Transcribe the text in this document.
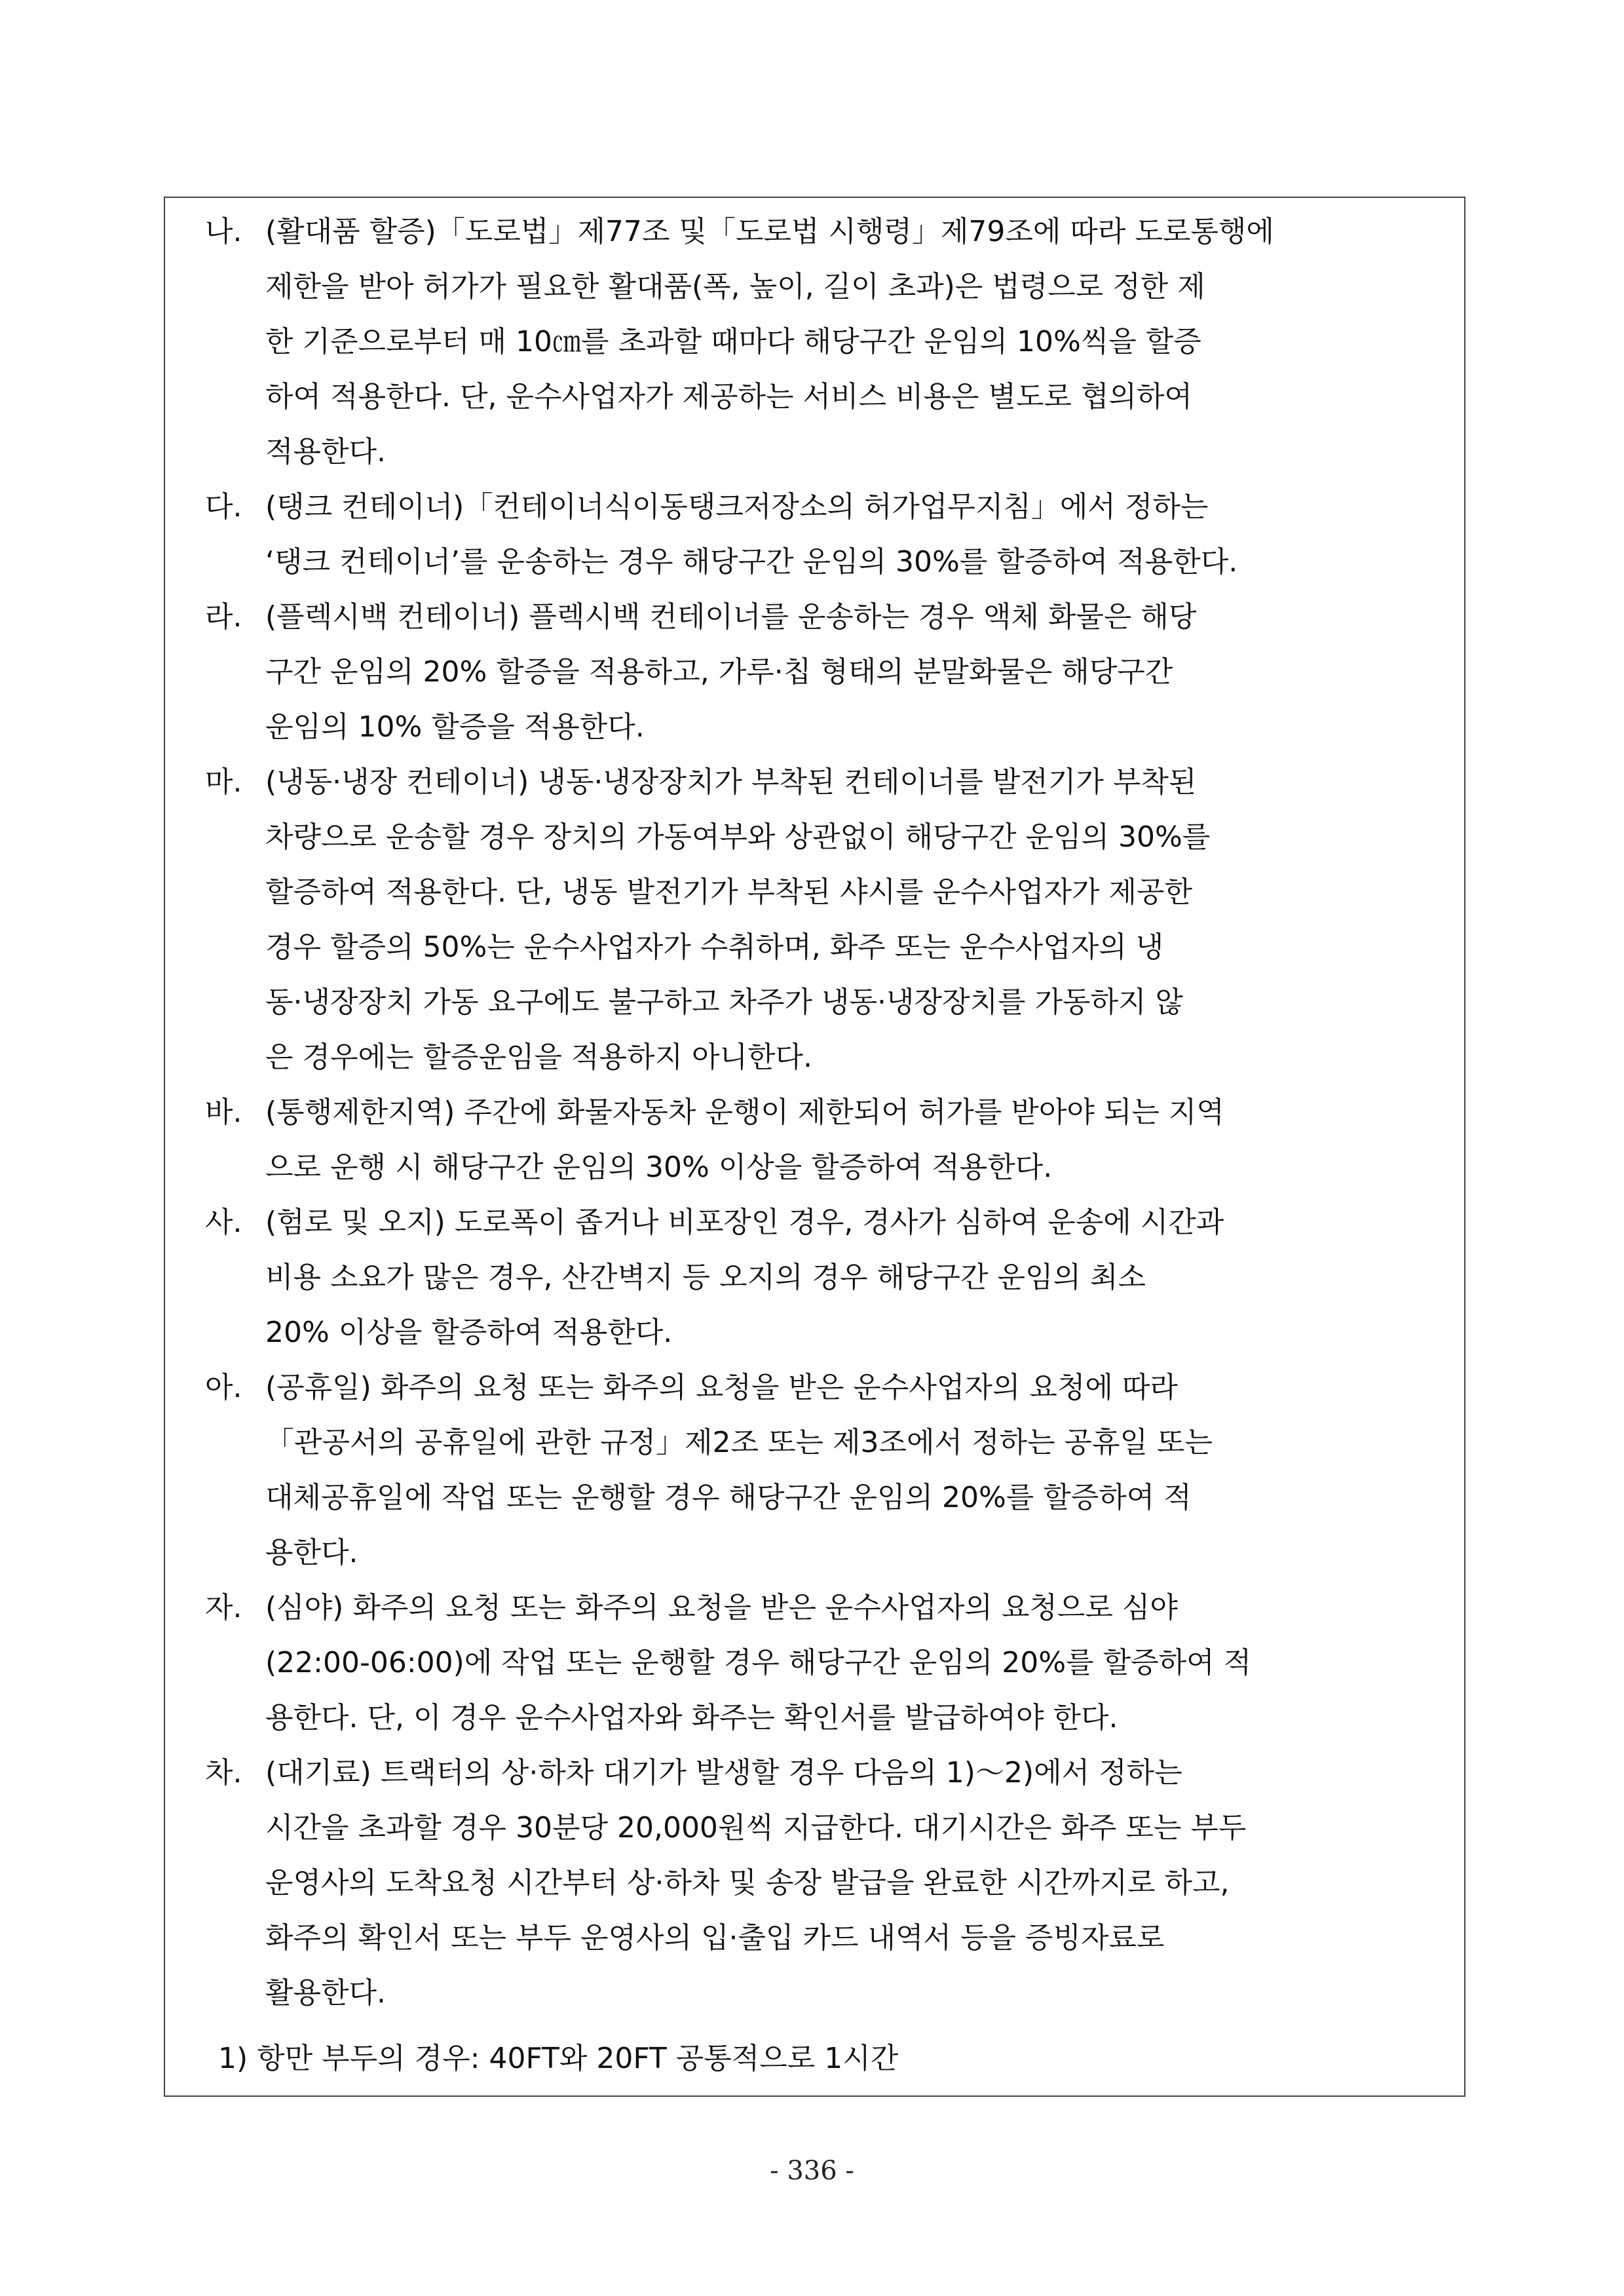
나. (활대품 할증)「도로법」제77조 및「도로법 시행령」제79조에 따라 도로통행에
제한을 받아 허가가 필요한 활대품(폭, 높이, 길이 초과)은 법령으로 정한 제
한 기준으로부터 매 10㎝를 초과할 때마다 해당구간 운임의 10%씩을 할증
하여 적용한다. 단, 운수사업자가 제공하는 서비스 비용은 별도로 협의하여
적용한다.
다. (탱크 컨테이너)「컨테이너식이동탱크저장소의 허가업무지침」에서 정하는
‘탱크 컨테이너’를 운송하는 경우 해당구간 운임의 30%를 할증하여 적용한다.
라. (플렉시백 컨테이너) 플렉시백 컨테이너를 운송하는 경우 액체 화물은 해당
구간 운임의 20% 할증을 적용하고, 가루·칩 형태의 분말화물은 해당구간
운임의 10% 할증을 적용한다.
마. (냉동·냉장 컨테이너) 냉동·냉장장치가 부착된 컨테이너를 발전기가 부착된
차량으로 운송할 경우 장치의 가동여부와 상관없이 해당구간 운임의 30%를
할증하여 적용한다. 단, 냉동 발전기가 부착된 샤시를 운수사업자가 제공한
경우 할증의 50%는 운수사업자가 수취하며, 화주 또는 운수사업자의 냉
동·냉장장치 가동 요구에도 불구하고 차주가 냉동·냉장장치를 가동하지 않
은 경우에는 할증운임을 적용하지 아니한다.
바. (통행제한지역) 주간에 화물자동차 운행이 제한되어 허가를 받아야 되는 지역
으로 운행 시 해당구간 운임의 30% 이상을 할증하여 적용한다.
사. (험로 및 오지) 도로폭이 좁거나 비포장인 경우, 경사가 심하여 운송에 시간과
비용 소요가 많은 경우, 산간벽지 등 오지의 경우 해당구간 운임의 최소
20% 이상을 할증하여 적용한다.
아. (공휴일) 화주의 요청 또는 화주의 요청을 받은 운수사업자의 요청에 따라
「관공서의 공휴일에 관한 규정」제2조 또는 제3조에서 정하는 공휴일 또는
대체공휴일에 작업 또는 운행할 경우 해당구간 운임의 20%를 할증하여 적
용한다.
자. (심야) 화주의 요청 또는 화주의 요청을 받은 운수사업자의 요청으로 심야
(22:00-06:00)에 작업 또는 운행할 경우 해당구간 운임의 20%를 할증하여 적
용한다. 단, 이 경우 운수사업자와 화주는 확인서를 발급하여야 한다.
차. (대기료) 트랙터의 상·하차 대기가 발생할 경우 다음의 1)～2)에서 정하는
시간을 초과할 경우 30분당 20,000원씩 지급한다. 대기시간은 화주 또는 부두
운영사의 도착요청 시간부터 상·하차 및 송장 발급을 완료한 시간까지로 하고,
화주의 확인서 또는 부두 운영사의 입·출입 카드 내역서 등을 증빙자료로
활용한다.
1) 항만 부두의 경우: 40FT와 20FT 공통적으로 1시간
- 336 -
